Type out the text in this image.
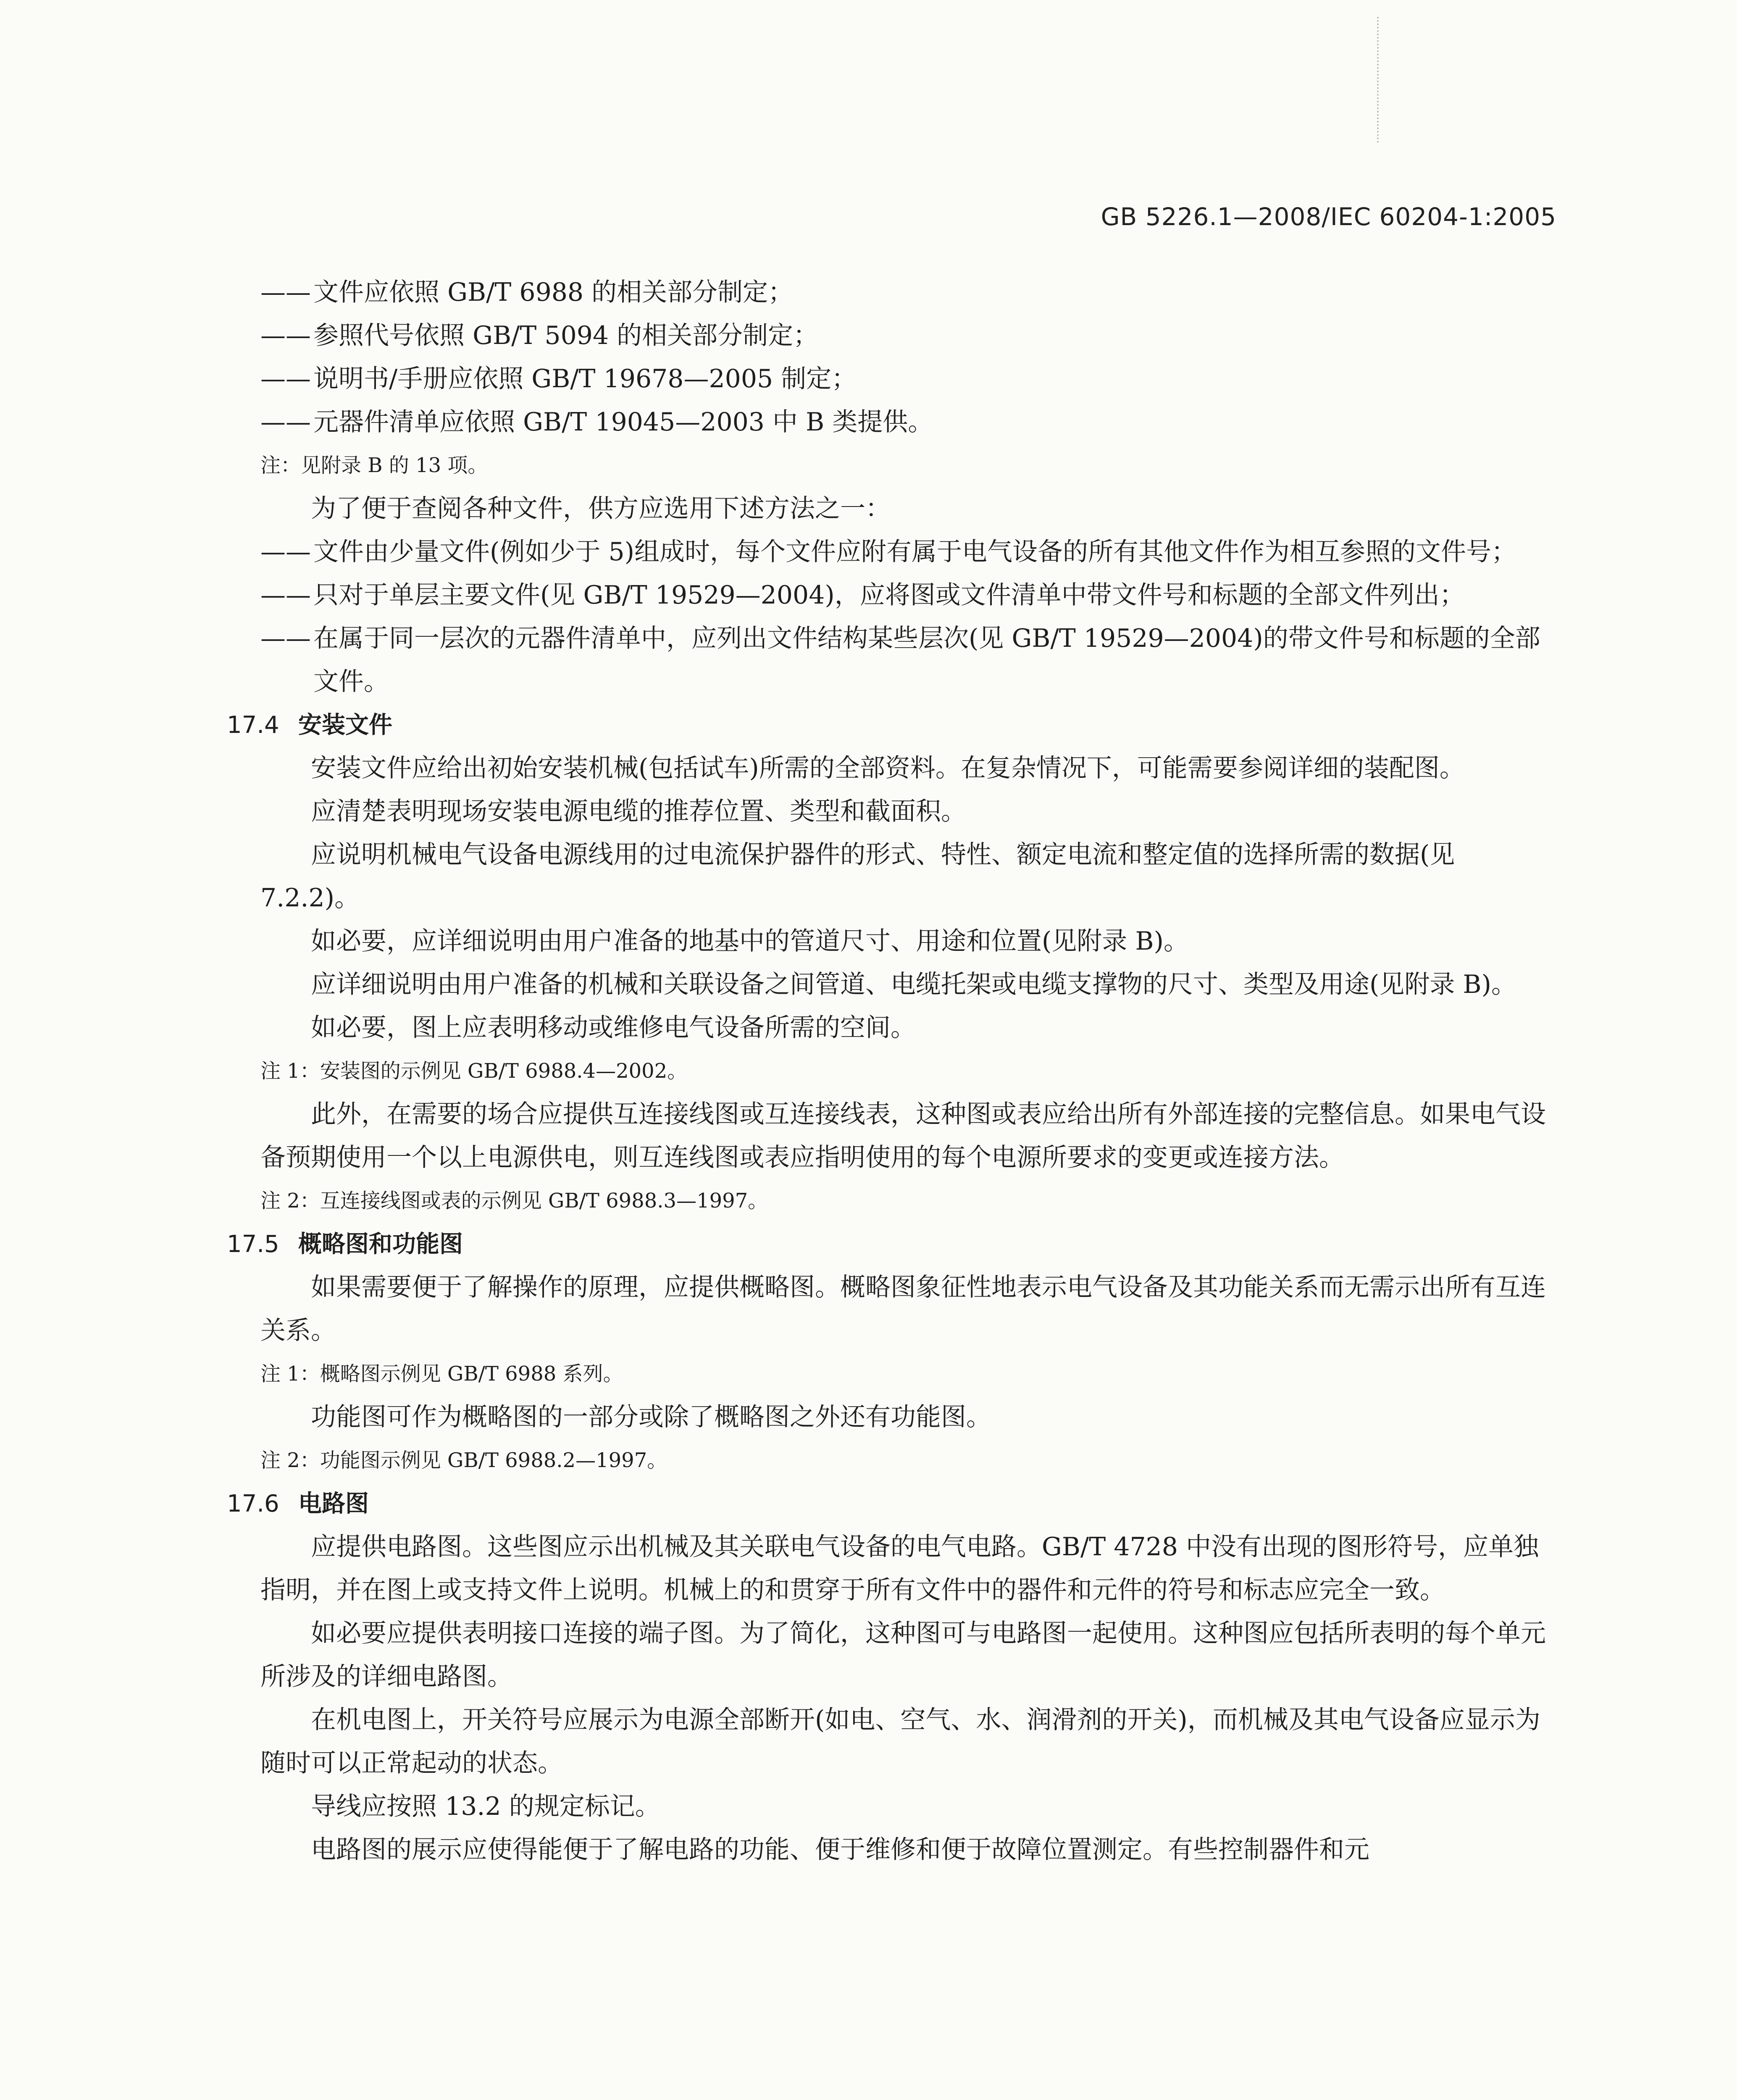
GB 5226.1—2008/IEC 60204-1:2005
—— 文件应依照 GB/T 6988 的相关部分制定；
—— 参照代号依照 GB/T 5094 的相关部分制定；
—— 说明书/手册应依照 GB/T 19678—2005 制定；
—— 元器件清单应依照 GB/T 19045—2003 中 B 类提供。
注：见附录 B 的 13 项。
为了便于查阅各种文件，供方应选用下述方法之一：
—— 文件由少量文件(例如少于 5)组成时，每个文件应附有属于电气设备的所有其他文件作为相互参照的文件号；
—— 只对于单层主要文件(见 GB/T 19529—2004)，应将图或文件清单中带文件号和标题的全部文件列出；
—— 在属于同一层次的元器件清单中，应列出文件结构某些层次(见 GB/T 19529—2004)的带文件号和标题的全部文件。
17.4 安装文件
安装文件应给出初始安装机械(包括试车)所需的全部资料。在复杂情况下，可能需要参阅详细的装配图。
应清楚表明现场安装电源电缆的推荐位置、类型和截面积。
应说明机械电气设备电源线用的过电流保护器件的形式、特性、额定电流和整定值的选择所需的数据(见 7.2.2)。
如必要，应详细说明由用户准备的地基中的管道尺寸、用途和位置(见附录 B)。
应详细说明由用户准备的机械和关联设备之间管道、电缆托架或电缆支撑物的尺寸、类型及用途(见附录 B)。
如必要，图上应表明移动或维修电气设备所需的空间。
注 1：安装图的示例见 GB/T 6988.4—2002。
此外，在需要的场合应提供互连接线图或互连接线表，这种图或表应给出所有外部连接的完整信息。如果电气设备预期使用一个以上电源供电，则互连线图或表应指明使用的每个电源所要求的变更或连接方法。
注 2：互连接线图或表的示例见 GB/T 6988.3—1997。
17.5 概略图和功能图
如果需要便于了解操作的原理，应提供概略图。概略图象征性地表示电气设备及其功能关系而无需示出所有互连关系。
注 1：概略图示例见 GB/T 6988 系列。
功能图可作为概略图的一部分或除了概略图之外还有功能图。
注 2：功能图示例见 GB/T 6988.2—1997。
17.6 电路图
应提供电路图。这些图应示出机械及其关联电气设备的电气电路。GB/T 4728 中没有出现的图形符号，应单独指明，并在图上或支持文件上说明。机械上的和贯穿于所有文件中的器件和元件的符号和标志应完全一致。
如必要应提供表明接口连接的端子图。为了简化，这种图可与电路图一起使用。这种图应包括所表明的每个单元所涉及的详细电路图。
在机电图上，开关符号应展示为电源全部断开(如电、空气、水、润滑剂的开关)，而机械及其电气设备应显示为随时可以正常起动的状态。
导线应按照 13.2 的规定标记。
电路图的展示应使得能便于了解电路的功能、便于维修和便于故障位置测定。有些控制器件和元
